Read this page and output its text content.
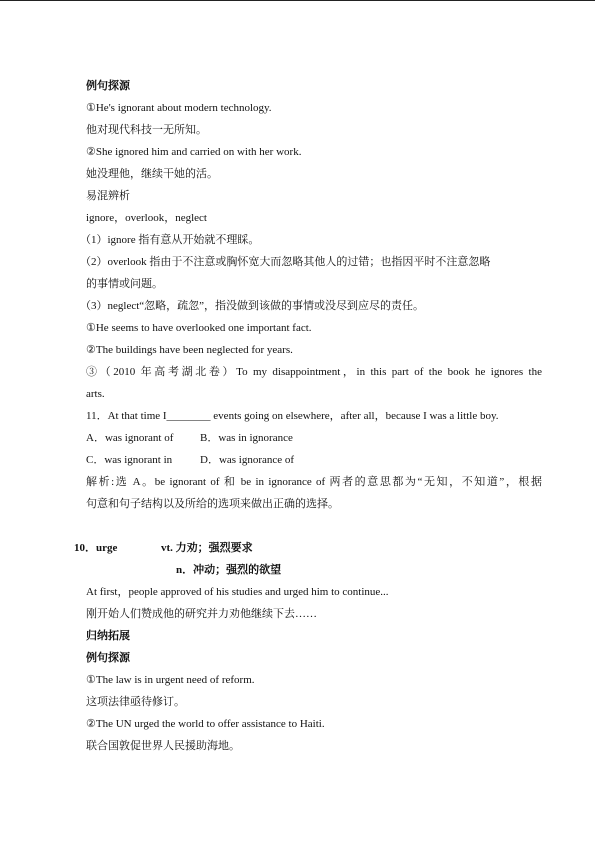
例句探源
①He's ignorant about modern technology.
他对现代科技一无所知。
②She ignored him and carried on with her work.
她没理他，继续干她的活。
易混辨析
ignore，overlook，neglect
（1）ignore 指有意从开始就不理睬。
（2）overlook 指由于不注意或胸怀宽大而忽略其他人的过错；也指因平时不注意忽略
的事情或问题。
（3）neglect“忽略，疏忽”，指没做到该做的事情或没尽到应尽的责任。
①He seems to have overlooked one important fact.
②The buildings have been neglected for years.
③（2010 年高考湖北卷）To my disappointment，in this part of the book he ignores the
arts.
11．At that time I________ events going on elsewhere，after all，because I was a little boy.
A．was ignorant of B．was in ignorance
C．was ignorant in	D．was ignorance of
解析:选 A。be ignorant of 和 be in ignorance of 两者的意思都为“无知，不知道”，根据
句意和句子结构以及所给的选项来做出正确的选择。
10．urge	vt. 力劝；强烈要求
n．冲动；强烈的欲望
At first，people approved of his studies and urged him to continue...
刚开始人们赞成他的研究并力劝他继续下去……
归纳拓展
例句探源
①The law is in urgent need of reform.
这项法律亟待修订。
②The UN urged the world to offer assistance to Haiti.
联合国敦促世界人民援助海地。
